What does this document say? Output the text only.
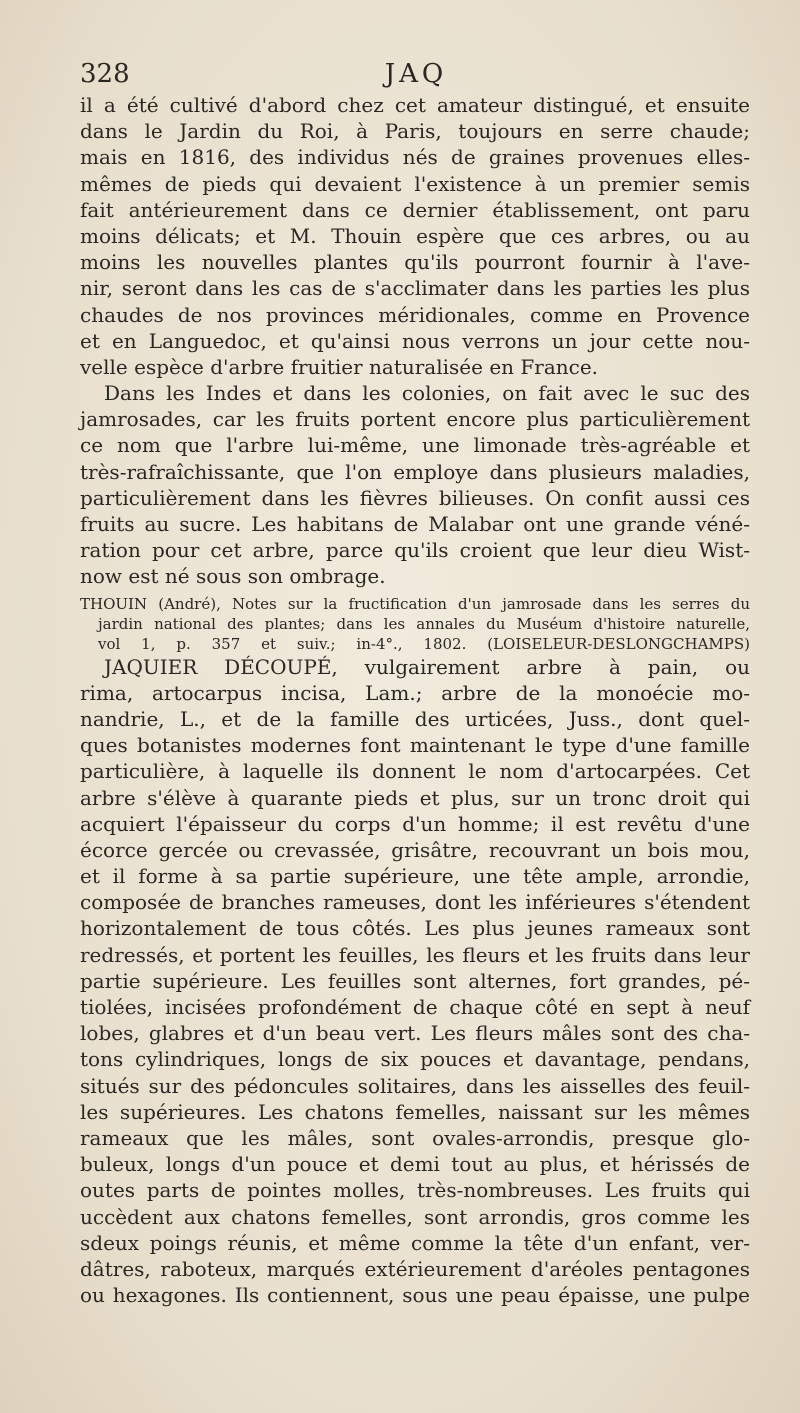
328	JAQ
il a été cultivé d'abord chez cet amateur distingué, et ensuite
dans le Jardin du Roi, à Paris, toujours en serre chaude;
mais en 1816, des individus nés de graines provenues elles-
mêmes de pieds qui devaient l'existence à un premier semis
fait antérieurement dans ce dernier établissement, ont paru
moins délicats; et M. Thouin espère que ces arbres, ou au
moins les nouvelles plantes qu'ils pourront fournir à l'ave-
nir, seront dans les cas de s'acclimater dans les parties les plus
chaudes de nos provinces méridionales, comme en Provence
et en Languedoc, et qu'ainsi nous verrons un jour cette nou-
velle espèce d'arbre fruitier naturalisée en France.
Dans les Indes et dans les colonies, on fait avec le suc des
jamrosades, car les fruits portent encore plus particulièrement
ce nom que l'arbre lui-même, une limonade très-agréable et
très-rafraîchissante, que l'on employe dans plusieurs maladies,
particulièrement dans les fièvres bilieuses. On confit aussi ces
fruits au sucre. Les habitans de Malabar ont une grande véné-
ration pour cet arbre, parce qu'ils croient que leur dieu Wist-
now est né sous son ombrage.
THOUIN (André), Notes sur la fructification d'un jamrosade dans les serres du
jardin national des plantes; dans les annales du Muséum d'histoire naturelle,
vol 1, p. 357 et suiv.; in-4°., 1802. (LOISELEUR-DESLONGCHAMPS)
JAQUIER DÉCOUPÉ, vulgairement arbre à pain, ou
rima, artocarpus incisa, Lam.; arbre de la monoécie mo-
nandrie, L., et de la famille des urticées, Juss., dont quel-
ques botanistes modernes font maintenant le type d'une famille
particulière, à laquelle ils donnent le nom d'artocarpées. Cet
arbre s'élève à quarante pieds et plus, sur un tronc droit qui
acquiert l'épaisseur du corps d'un homme; il est revêtu d'une
écorce gercée ou crevassée, grisâtre, recouvrant un bois mou,
et il forme à sa partie supérieure, une tête ample, arrondie,
composée de branches rameuses, dont les inférieures s'étendent
horizontalement de tous côtés. Les plus jeunes rameaux sont
redressés, et portent les feuilles, les fleurs et les fruits dans leur
partie supérieure. Les feuilles sont alternes, fort grandes, pé-
tiolées, incisées profondément de chaque côté en sept à neuf
lobes, glabres et d'un beau vert. Les fleurs mâles sont des cha-
tons cylindriques, longs de six pouces et davantage, pendans,
situés sur des pédoncules solitaires, dans les aisselles des feuil-
les supérieures. Les chatons femelles, naissant sur les mêmes
rameaux que les mâles, sont ovales-arrondis, presque glo-
buleux, longs d'un pouce et demi tout au plus, et hérissés de
outes parts de pointes molles, très-nombreuses. Les fruits qui
uccèdent aux chatons femelles, sont arrondis, gros comme les
sdeux poings réunis, et même comme la tête d'un enfant, ver-
dâtres, raboteux, marqués extérieurement d'aréoles pentagones
ou hexagones. Ils contiennent, sous une peau épaisse, une pulpe
